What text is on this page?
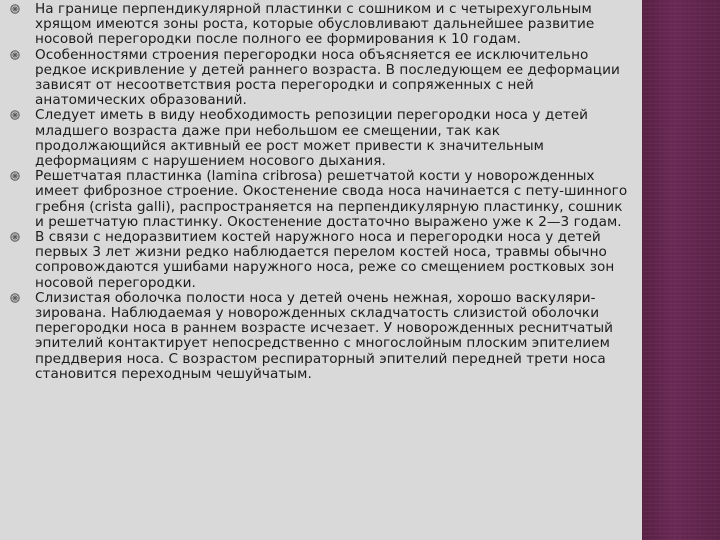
На границе перпендикулярной пластинки с сошником и с четырехугольным хрящом имеются зоны роста, которые обусловливают дальнейшее развитие носовой перегородки после полного ее формирования к 10 годам.
Особенностями строения перегородки носа объясняется ее исключительно редкое искривление у детей раннего возраста. В последующем ее деформации зависят от несоответствия роста перегородки и сопряженных с ней анатомических образований.
Следует иметь в виду необходимость репозиции перегородки носа у детей младшего возраста даже при небольшом ее смещении, так как продолжающийся активный ее рост может привести к значительным деформациям с нарушением носового дыхания.
Решетчатая пластинка (lamina cribrosa) решетчатой кости у новорожденных имеет фиброзное строение. Окостенение свода носа начинается с пету-шинного гребня (crista galli), распространяется на перпендикулярную пластинку, сошник и решетчатую пластинку. Окостенение достаточно выражено уже к 2—3 годам.
В связи с недоразвитием костей наружного носа и перегородки носа у детей первых 3 лет жизни редко наблюдается перелом костей носа, травмы обычно сопровождаются ушибами наружного носа, реже со смещением ростковых зон носовой перегородки.
Слизистая оболочка полости носа у детей очень нежная, хорошо васкуляри-зирована. Наблюдаемая у новорожденных складчатость слизистой оболочки перегородки носа в раннем возрасте исчезает. У новорожденных реснитчатый эпителий контактирует непосредственно с многослойным плоским эпителием преддверия носа. С возрастом респираторный эпителий передней трети носа становится переходным чешуйчатым.
